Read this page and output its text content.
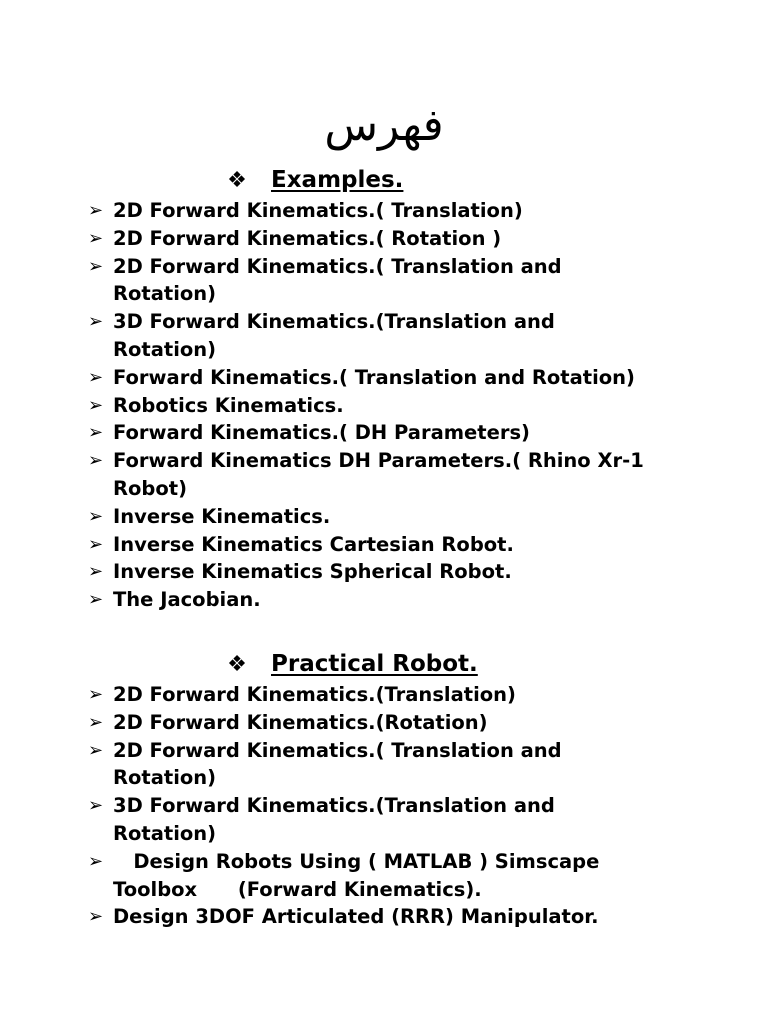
فهرس
❖ Examples.
➢ 2D Forward Kinematics.( Translation)
➢ 2D Forward Kinematics.( Rotation )
➢ 2D Forward Kinematics.( Translation and
Rotation)
➢ 3D Forward Kinematics.(Translation and
Rotation)
➢ Forward Kinematics.( Translation and Rotation)
➢ Robotics Kinematics.
➢ Forward Kinematics.( DH Parameters)
➢ Forward Kinematics DH Parameters.( Rhino Xr-1
Robot)
➢ Inverse Kinematics.
➢ Inverse Kinematics Cartesian Robot.
➢ Inverse Kinematics Spherical Robot.
➢ The Jacobian.
❖ Practical Robot.
➢ 2D Forward Kinematics.(Translation)
➢ 2D Forward Kinematics.(Rotation)
➢ 2D Forward Kinematics.( Translation and
Rotation)
➢ 3D Forward Kinematics.(Translation and
Rotation)
➢	Design Robots Using ( MATLAB ) Simscape
Toolbox      (Forward Kinematics).
➢ Design 3DOF Articulated (RRR) Manipulator.
